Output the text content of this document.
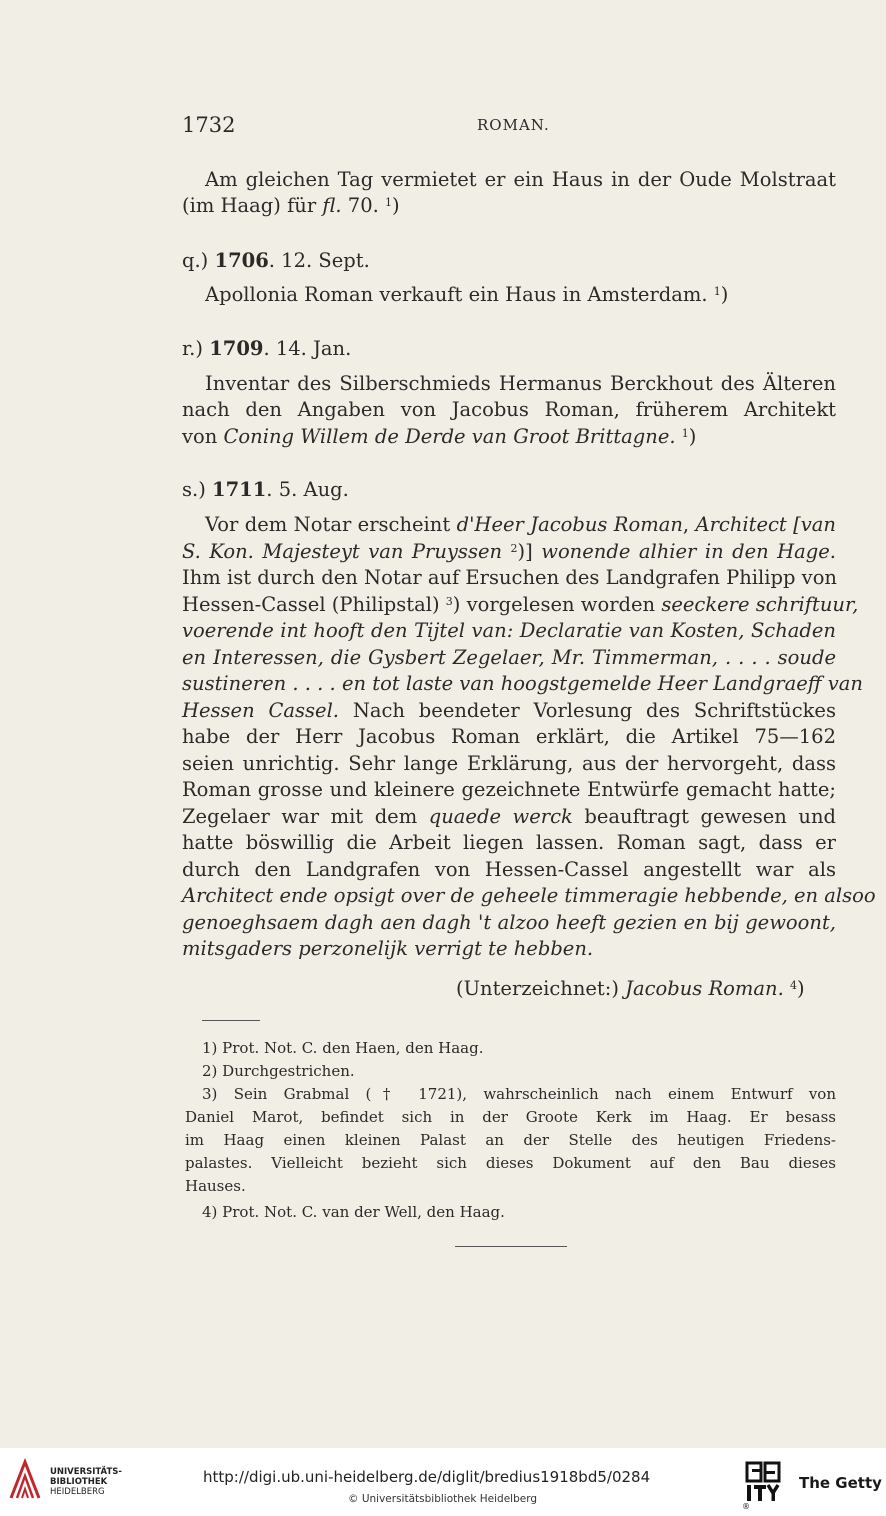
1732	ROMAN.
Am gleichen Tag vermietet er ein Haus in der Oude Molstraat
(im Haag) für fl. 70. $^1$)
q.) 1706. 12. Sept.
Apollonia Roman verkauft ein Haus in Amsterdam. $^1$)
r.) 1709. 14. Jan.
Inventar des Silberschmieds Hermanus Berckhout des Älteren
nach den Angaben von Jacobus Roman, früherem Architekt
von Coning Willem de Derde van Groot Brittagne. $^1$)
s.) 1711. 5. Aug.
Vor dem Notar erscheint d'Heer Jacobus Roman, Architect [van
S. Kon. Majesteyt van Pruyssen $^2$)] wonende alhier in den Hage.
Ihm ist durch den Notar auf Ersuchen des Landgrafen Philipp von
Hessen-Cassel (Philipstal) $^3$) vorgelesen worden seeckere schriftuur,
voerende int hooft den Tijtel van: Declaratie van Kosten, Schaden
en Interessen, die Gysbert Zegelaer, Mr. Timmerman, . . . . soude
sustineren . . . . en tot laste van hoogstgemelde Heer Landgraeff van
Hessen Cassel. Nach beendeter Vorlesung des Schriftstückes
habe der Herr Jacobus Roman erklärt, die Artikel 75—162
seien unrichtig. Sehr lange Erklärung, aus der hervorgeht, dass
Roman grosse und kleinere gezeichnete Entwürfe gemacht hatte;
Zegelaer war mit dem quaede werck beauftragt gewesen und
hatte böswillig die Arbeit liegen lassen. Roman sagt, dass er
durch den Landgrafen von Hessen-Cassel angestellt war als
Architect ende opsigt over de geheele timmeragie hebbende, en alsoo
genoeghsaem dagh aen dagh 't alzoo heeft gezien en bij gewoont,
mitsgaders perzonelijk verrigt te hebben.
(Unterzeichnet:) Jacobus Roman. $^4$)
1) Prot. Not. C. den Haen, den Haag.
2) Durchgestrichen.
3) Sein Grabmal († 1721), wahrscheinlich nach einem Entwurf von
Daniel Marot, befindet sich in der Groote Kerk im Haag. Er besass
im Haag einen kleinen Palast an der Stelle des heutigen Friedens-
palastes. Vielleicht bezieht sich dieses Dokument auf den Bau dieses
Hauses.
4) Prot. Not. C. van der Well, den Haag.
UNIVERSITÄTS-
BIBLIOTHEK
HEIDELBERG
http://digi.ub.uni-heidelberg.de/diglit/bredius1918bd5/0284
© Universitätsbibliothek Heidelberg
®
The Getty
